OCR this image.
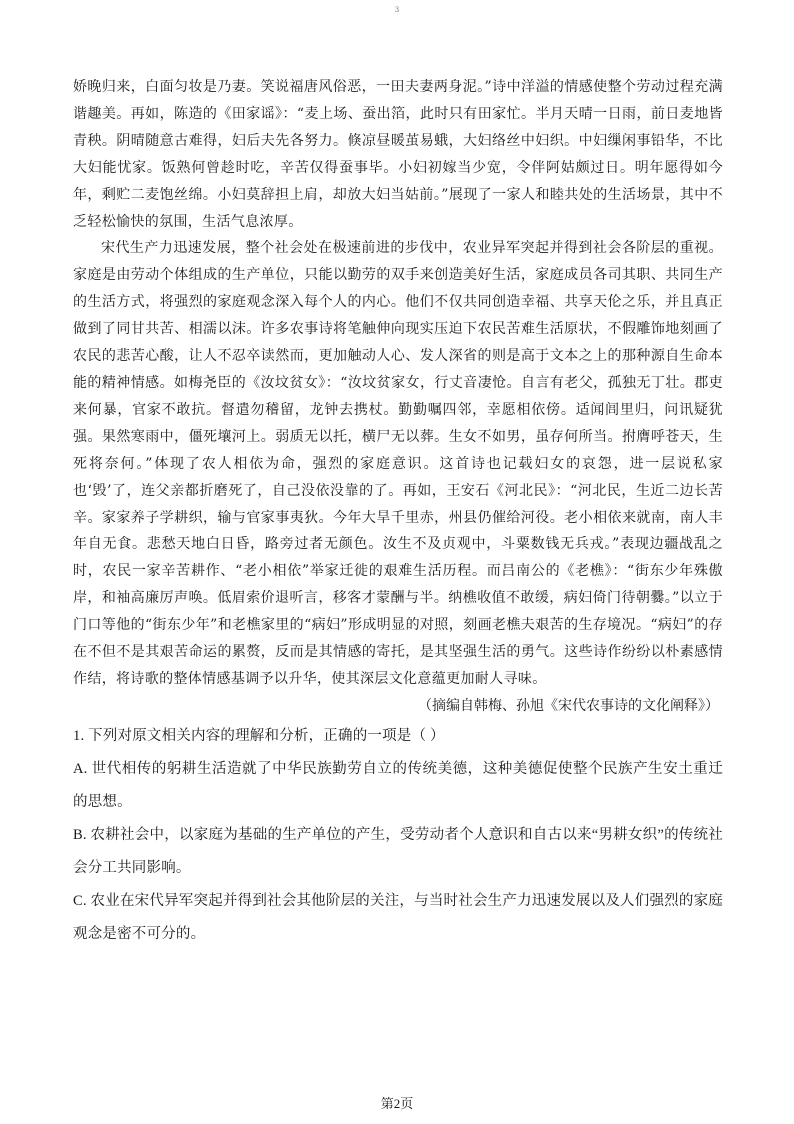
3

娇晚归来，白面匀妆是乃妻。笑说福唐风俗恶，一田夫妻两身泥。”诗中洋溢的情感使整个劳动过程充满谐趣美。再如，陈造的《田家谣》：“麦上场、蚕出箔，此时只有田家忙。半月天晴一日雨，前日麦地皆青秧。阴晴随意古难得，妇后夫先各努力。倏凉昼暖茧易蛾，大妇络丝中妇织。中妇缫闲事铅华，不比大妇能忧家。饭熟何曾趁时吃，辛苦仅得蚕事毕。小妇初嫁当少宽，令伴阿姑颇过日。明年愿得如今年，剩贮二麦饱丝绵。小妇莫辞担上肩，却放大妇当姑前。”展现了一家人和睦共处的生活场景，其中不乏轻松愉快的氛围，生活气息浓厚。

宋代生产力迅速发展，整个社会处在极速前进的步伐中，农业异军突起并得到社会各阶层的重视。家庭是由劳动个体组成的生产单位，只能以勤劳的双手来创造美好生活，家庭成员各司其职、共同生产的生活方式，将强烈的家庭观念深入每个人的内心。他们不仅共同创造幸福、共享天伦之乐，并且真正做到了同甘共苦、相濡以沫。许多农事诗将笔触伸向现实压迫下农民苦难生活原状，不假雕饰地刻画了农民的悲苦心酸，让人不忍卒读然而，更加触动人心、发人深省的则是高于文本之上的那种源自生命本能的精神情感。如梅尧臣的《汝坟贫女》：“汝坟贫家女，行丈音凄怆。自言有老父，孤独无丁壮。郡吏来何暴，官家不敢抗。督遣勿稽留，龙钟去携杖。勤勤嘱四邻，幸愿相依傍。适闻闾里归，问讯疑犹强。果然寒雨中，僵死壤河上。弱质无以托，横尸无以葬。生女不如男，虽存何所当。拊膺呼苍天，生死将奈何。”体现了农人相依为命，强烈的家庭意识。这首诗也记载妇女的哀怨，进一层说私家也‘毁’了，连父亲都折磨死了，自己没依没靠的了。再如，王安石《河北民》：“河北民，生近二边长苦辛。家家养子学耕织，输与官家事夷狄。今年大旱千里赤，州县仍催给河役。老小相依来就南，南人丰年自无食。悲愁天地白日昏，路旁过者无颜色。汝生不及贞观中，斗粟数钱无兵戎。”表现边疆战乱之时，农民一家辛苦耕作、“老小相依”举家迁徙的艰难生活历程。而吕南公的《老樵》：“街东少年殊傲岸，和袖高廉厉声唤。低眉索价退听言，移客才蒙酬与半。纳樵收值不敢缓，病妇倚门待朝爨。”以立于门口等他的“街东少年”和老樵家里的“病妇”形成明显的对照，刻画老樵夫艰苦的生存境况。“病妇”的存在不但不是其艰苦命运的累赘，反而是其情感的寄托，是其坚强生活的勇气。这些诗作纷纷以朴素感情作结，将诗歌的整体情感基调予以升华，使其深层文化意蕴更加耐人寻味。

（摘编自韩梅、孙旭《宋代农事诗的文化阐释》）

1. 下列对原文相关内容的理解和分析，正确的一项是（ ）

A. 世代相传的躬耕生活造就了中华民族勤劳自立的传统美德，这种美德促使整个民族产生安土重迁的思想。

B. 农耕社会中，以家庭为基础的生产单位的产生，受劳动者个人意识和自古以来“男耕女织”的传统社会分工共同影响。

C. 农业在宋代异军突起并得到社会其他阶层的关注，与当时社会生产力迅速发展以及人们强烈的家庭观念是密不可分的。

第2页
